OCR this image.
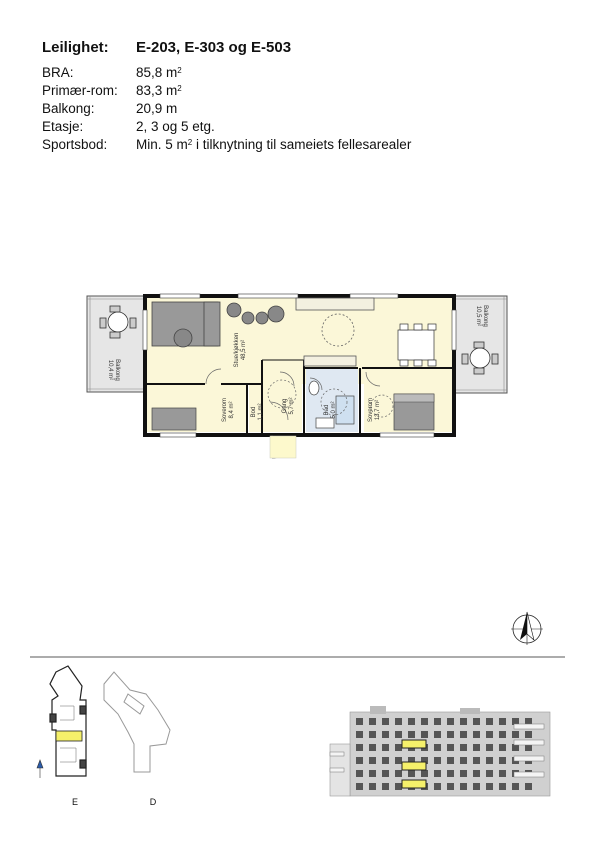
Leilighet:	E-203, E-303 og E-503
BRA:	85,8 $m^2$
Primær-rom:	83,3 $m^2$
Balkong:	20,9 m
Etasje:	2, 3 og 5 etg.
Sportsbod:	Min. 5 $m^2$ i tilknytning til sameiets fellesarealer
Stue/kjøkken48,5 m²
Soverom8,4 m²	Gang5,7 m²	Bad5,0 m²	Soverom13,7 m²
Bod1,1 m²
Balkong10,4 m²
Balkong10,5 m²
E	D
